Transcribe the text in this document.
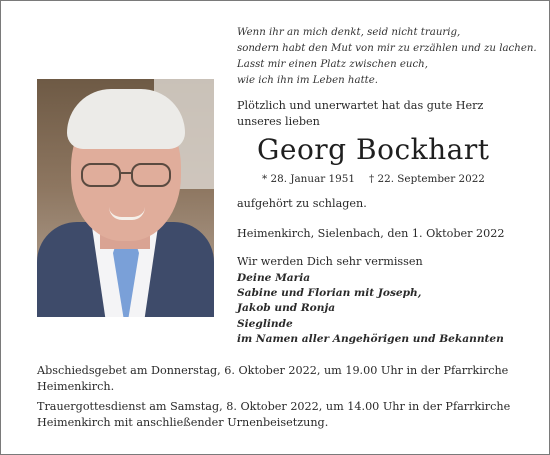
Wenn ihr an mich denkt, seid nicht traurig,
sondern habt den Mut von mir zu erzählen und zu lachen.
Lasst mir einen Platz zwischen euch,
wie ich ihn im Leben hatte.
Plötzlich und unerwartet hat das gute Herz
unseres lieben
Georg Bockhart
* 28. Januar 1951 † 22. September 2022
aufgehört zu schlagen.
Heimenkirch, Sielenbach, den 1. Oktober 2022
Wir werden Dich sehr vermissen
Deine Maria
Sabine und Florian mit Joseph,
Jakob und Ronja
Sieglinde
im Namen aller Angehörigen und Bekannten
Abschiedsgebet am Donnerstag, 6. Oktober 2022, um 19.00 Uhr in der Pfarrkirche
Heimenkirch.
Trauergottesdienst am Samstag, 8. Oktober 2022, um 14.00 Uhr in der Pfarrkirche
Heimenkirch mit anschließender Urnenbeisetzung.
